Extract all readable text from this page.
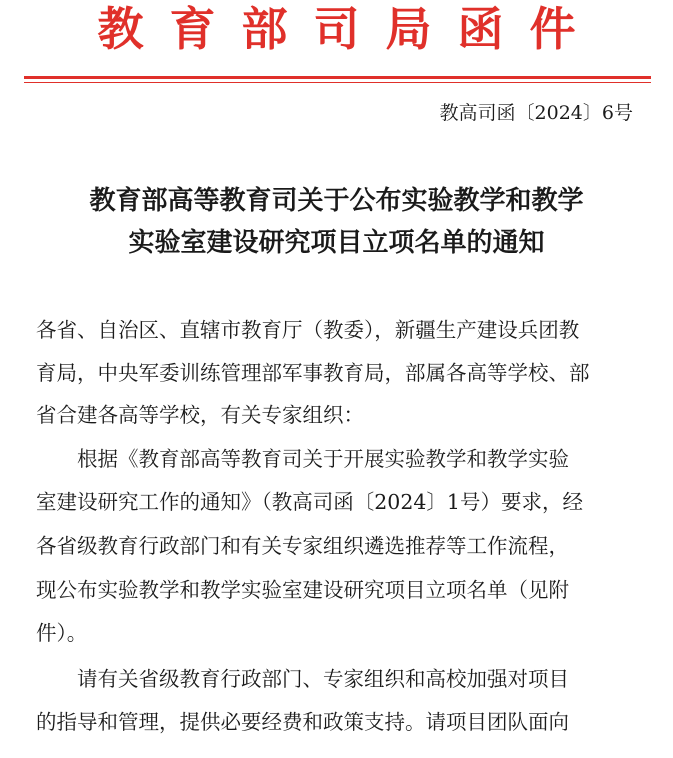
教育部司局函件
教高司函〔2024〕6号
教育部高等教育司关于公布实验教学和教学
实验室建设研究项目立项名单的通知
各省、自治区、直辖市教育厅（教委），新疆生产建设兵团教
育局，中央军委训练管理部军事教育局，部属各高等学校、部
省合建各高等学校，有关专家组织：
　　根据《教育部高等教育司关于开展实验教学和教学实验
室建设研究工作的通知》（教高司函〔2024〕1号）要求，经
各省级教育行政部门和有关专家组织遴选推荐等工作流程，
现公布实验教学和教学实验室建设研究项目立项名单（见附
件）。
　　请有关省级教育行政部门、专家组织和高校加强对项目
的指导和管理，提供必要经费和政策支持。请项目团队面向
